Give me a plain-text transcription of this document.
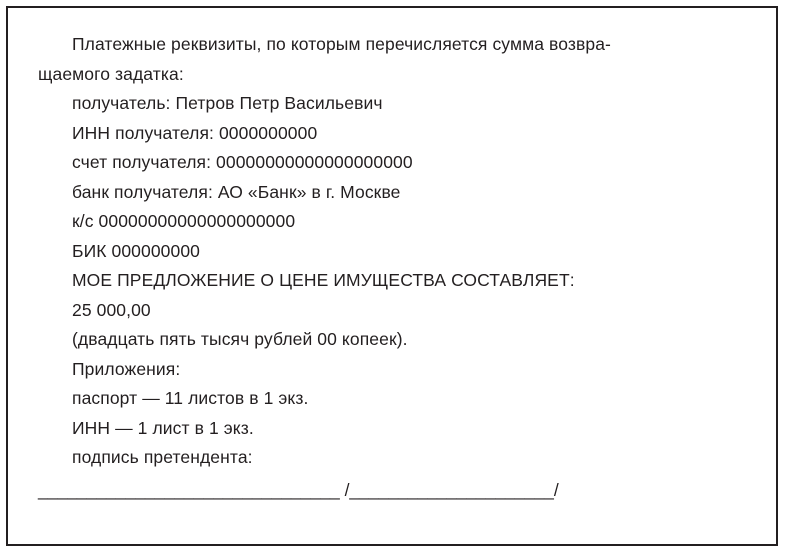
Платежные реквизиты, по которым перечисляется сумма возвра-
щаемого задатка:
получатель: Петров Петр Васильевич
ИНН получателя: 0000000000
счет получателя: 00000000000000000000
банк получателя: АО «Банк» в г. Москве
к/с 00000000000000000000
БИК 000000000
МОЕ ПРЕДЛОЖЕНИЕ О ЦЕНЕ ИМУЩЕСТВА СОСТАВЛЯЕТ:
25 000,00
(двадцать пять тысяч рублей 00 копеек).
Приложения:
паспорт — 11 листов в 1 экз.
ИНН — 1 лист в 1 экз.
подпись претендента:
_______________________________ /_____________________/
